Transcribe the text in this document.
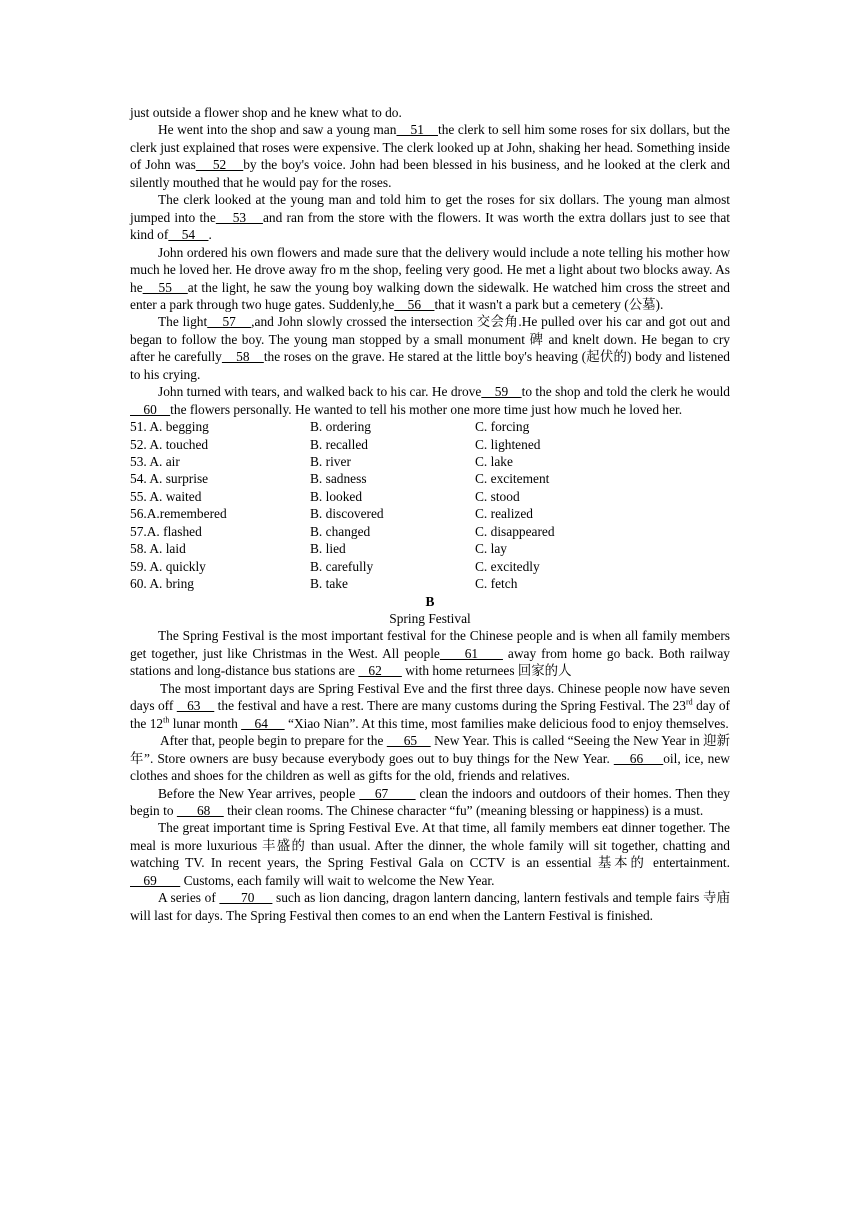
just outside a flower shop and he knew what to do.

He went into the shop and saw a young man    51    the clerk to sell him some roses for six dollars, but the clerk just explained that roses were expensive. The clerk looked up at John, shaking her head. Something inside of John was    52    by the boy's voice. John had been blessed in his business, and he looked at the clerk and silently mouthed that he would pay for the roses.

The clerk looked at the young man and told him to get the roses for six dollars. The young man almost jumped into the    53    and ran from the store with the flowers. It was worth the extra dollars just to see that kind of    54    .

John ordered his own flowers and made sure that the delivery would include a note telling his mother how much he loved her. He drove away fro m the shop, feeling very good. He met a light about two blocks away. As he    55    at the light, he saw the young boy walking down the sidewalk. He watched him cross the street and enter a park through two huge gates. Suddenly,he    56    that it wasn't a park but a cemetery (公墓).

The light    57    ,and John slowly crossed the intersection 交会角.He pulled over his car and got out and began to follow the boy. The young man stopped by a small monument 碑 and knelt down. He began to cry after he carefully    58    the roses on the grave. He stared at the little boy's heaving (起伏的) body and listened to his crying.

John turned with tears, and walked back to his car. He drove    59    to the shop and told the clerk he would    60    the flowers personally. He wanted to tell his mother one more time just how much he loved her.

51. A. begging	B. ordering	C. forcing
52. A. touched	B. recalled	C. lightened
53. A. air	B. river	C. lake
54. A. surprise	B. sadness	C. excitement
55. A. waited	B. looked	C. stood
56.A.remembered	B. discovered	C. realized
57.A. flashed	B. changed	C. disappeared
58. A. laid	B. lied	C. lay
59. A. quickly	B. carefully	C. excitedly
60. A. bring	B. take	C. fetch

B

Spring Festival

The Spring Festival is the most important festival for the Chinese people and is when all family members get together, just like Christmas in the West. All people     61      away from home go back. Both railway stations and long-distance bus stations are    62       with home returnees 回家的人

The most important days are Spring Festival Eve and the first three days. Chinese people now have seven days off    63     the festival and have a rest. There are many customs during the Spring Festival. The 23rd day of the 12th lunar month     64      “Xiao Nian”. At this time, most families make delicious food to enjoy themselves.

After that, people begin to prepare for the      65     New Year. This is called “Seeing the New Year in 迎新年”. Store owners are busy because everybody goes out to buy things for the New Year.     66     oil, ice, new clothes and shoes for the children as well as gifts for the old, friends and relatives.

Before the New Year arrives, people     67        clean the indoors and outdoors of their homes. Then they begin to       68     their clean rooms. The Chinese character “fu” (meaning blessing or happiness) is a must.

The great important time is Spring Festival Eve. At that time, all family members eat dinner together. The meal is more luxurious 丰盛的 than usual. After the dinner, the whole family will sit together, chatting and watching TV. In recent years, the Spring Festival Gala on CCTV is an essential 基本的 entertainment.     69        Customs, each family will wait to welcome the New Year.

A series of       70      such as lion dancing, dragon lantern dancing, lantern festivals and temple fairs 寺庙 will last for days. The Spring Festival then comes to an end when the Lantern Festival is finished.
